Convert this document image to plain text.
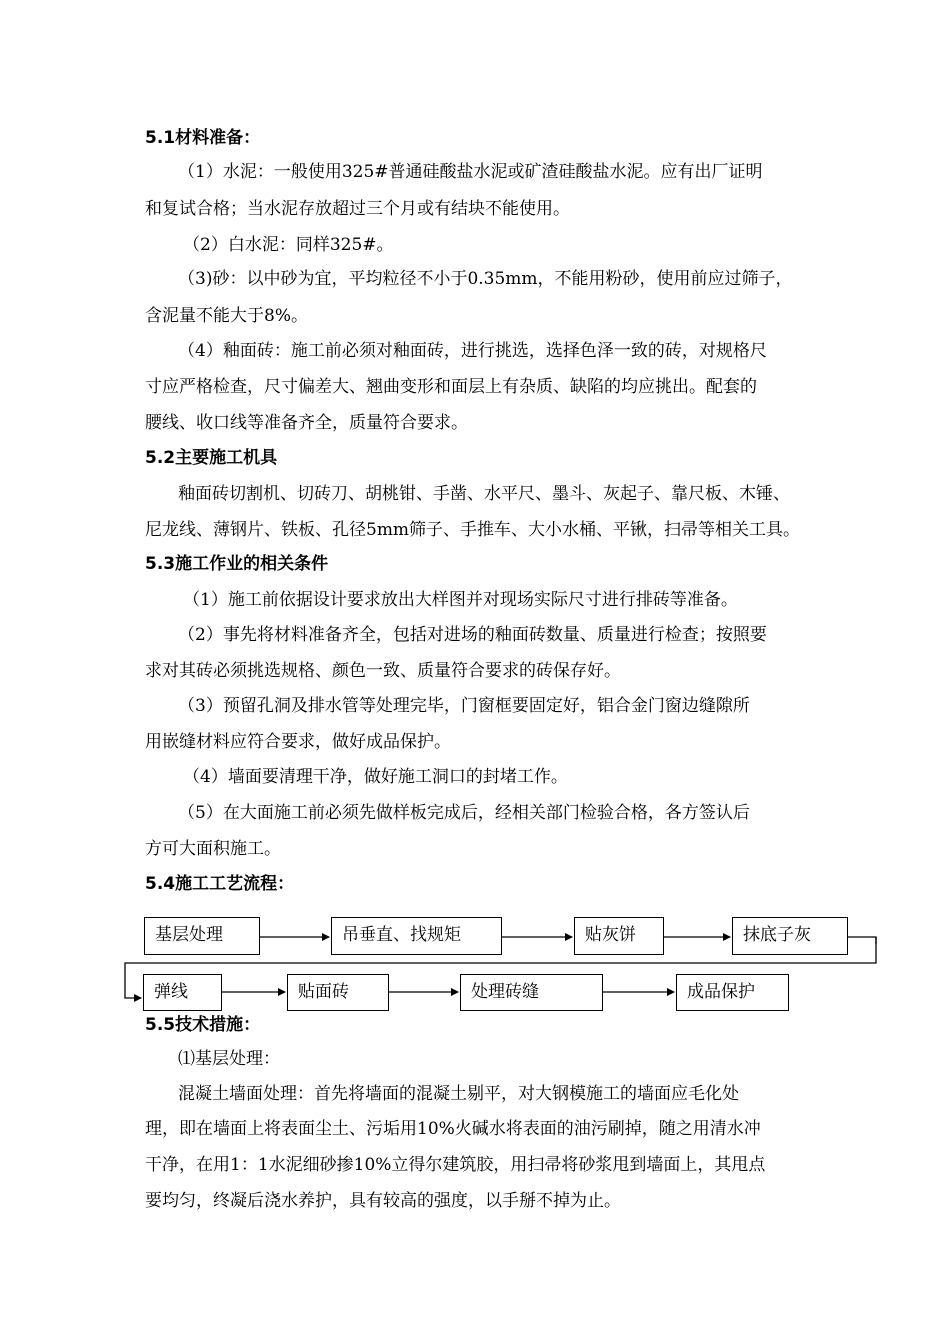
5.1材料准备：
（1）水泥：一般使用325#普通硅酸盐水泥或矿渣硅酸盐水泥。应有出厂证明
和复试合格；当水泥存放超过三个月或有结块不能使用。
（2）白水泥：同样325#。
（3)砂：以中砂为宜，平均粒径不小于0.35mm，不能用粉砂，使用前应过筛子，
含泥量不能大于8%。
（4）釉面砖：施工前必须对釉面砖，进行挑选，选择色泽一致的砖，对规格尺
寸应严格检查，尺寸偏差大、翘曲变形和面层上有杂质、缺陷的均应挑出。配套的
腰线、收口线等准备齐全，质量符合要求。
5.2主要施工机具
釉面砖切割机、切砖刀、胡桃钳、手凿、水平尺、墨斗、灰起子、靠尺板、木锤、
尼龙线、薄钢片、铁板、孔径5mm筛子、手推车、大小水桶、平锹，扫帚等相关工具。
5.3施工作业的相关条件
（1）施工前依据设计要求放出大样图并对现场实际尺寸进行排砖等准备。
（2）事先将材料准备齐全，包括对进场的釉面砖数量、质量进行检查；按照要
求对其砖必须挑选规格、颜色一致、质量符合要求的砖保存好。
（3）预留孔洞及排水管等处理完毕，门窗框要固定好，铝合金门窗边缝隙所
用嵌缝材料应符合要求，做好成品保护。
（4）墙面要清理干净，做好施工洞口的封堵工作。
（5）在大面施工前必须先做样板完成后，经相关部门检验合格，各方签认后
方可大面积施工。
5.4施工工艺流程：
基层处理	吊垂直、找规矩	贴灰饼	抹底子灰
弹线	贴面砖	处理砖缝	成品保护
5.5技术措施：
⑴基层处理：
混凝土墙面处理：首先将墙面的混凝土剔平，对大钢模施工的墙面应毛化处
理，即在墙面上将表面尘土、污垢用10%火碱水将表面的油污刷掉，随之用清水冲
干净，在用1：1水泥细砂掺10%立得尔建筑胶，用扫帚将砂浆甩到墙面上，其甩点
要均匀，终凝后浇水养护，具有较高的强度，以手掰不掉为止。
